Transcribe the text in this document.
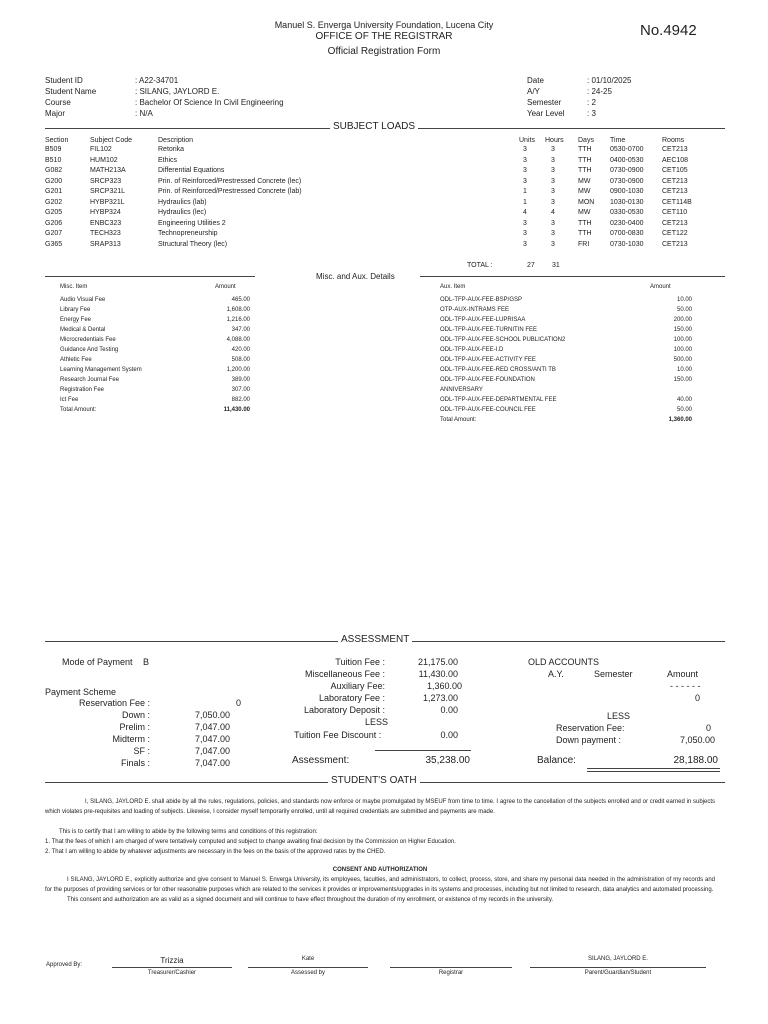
Manuel S. Enverga University Foundation, Lucena City
OFFICE OF THE REGISTRAR
Official Registration Form
No.4942
Student ID	: A22-34701
Student Name	: SILANG, JAYLORD E.
Course	: Bachelor Of Science In Civil Engineering
Major	: N/A
Date	: 01/10/2025
A/Y	: 24-25
Semester	: 2
Year Level	: 3
SUBJECT LOADS
Section	Subject Code	Description	Units Hours Days Time	Rooms
B509	FIL102	Retorika	3	3	TTH	0530-0700	CET213
B510	HUM102	Ethics	3	3	TTH	0400-0530	AEC108
G082	MATH213A	Differential Equations	3	3	TTH	0730-0900	CET105
G200	SRCP323	Prin. of Reinforced/Prestressed Concrete (lec)	3	3	MW	0730-0900	CET213
G201	SRCP321L	Prin. of Reinforced/Prestressed Concrete (lab)	1	3	MW	0900-1030	CET213
G202	HYBP321L	Hydraulics (lab)	1	3	MON 1030-0130	CET114B
G205	HYBP324	Hydraulics (lec)	4	4	MW	0330-0530	CET110
G206	ENBC323	Engineering Utilities 2	3	3	TTH	0230-0400	CET213
G207	TECH323	Technopreneurship	3	3	TTH	0700-0830	CET122
G365	SRAP313	Structural Theory (lec)	3	3	FRI	0730-1030	CET213
TOTAL :	27 31
Misc. and Aux. Details
Misc. Item	Amount
Audio Visual Fee	465.00
Library Fee	1,608.00
Energy Fee	1,216.00
Medical & Dental	347.00
Microcredentials Fee	4,088.00
Guidance And Testing	420.00
Athletic Fee	508.00
Learning Management System	1,200.00
Research Journal Fee	389.00
Registration Fee	307.00
Ict Fee	882.00
Total Amount:	11,430.00
Aux. Item	Amount
ODL-TFP-AUX-FEE-BSP/GSP	10.00
OTP-AUX-INTRAMS FEE	50.00
ODL-TFP-AUX-FEE-LUPRISAA	200.00
ODL-TFP-AUX-FEE-TURNITIN FEE	150.00
ODL-TFP-AUX-FEE-SCHOOL PUBLICATION2	100.00
ODL-TFP-AUX-FEE-I.D	100.00
ODL-TFP-AUX-FEE-ACTIVITY FEE	500.00
ODL-TFP-AUX-FEE-RED CROSS/ANTI TB	10.00
ODL-TFP-AUX-FEE-FOUNDATION	150.00
ANNIVERSARY
ODL-TFP-AUX-FEE-DEPARTMENTAL FEE	40.00
ODL-TFP-AUX-FEE-COUNCIL FEE	50.00
Total Amount:	1,360.00
ASSESSMENT
Mode of Payment B
Payment Scheme
Reservation Fee :	0
Down :	7,050.00
Prelim :	7,047.00
Midterm :	7,047.00
SF :	7,047.00
Finals :	7,047.00
Tuition Fee :	21,175.00
Miscellaneous Fee :	11,430.00
Auxiliary Fee:	1,360.00
Laboratory Fee :	1,273.00
Laboratory Deposit :	0.00
LESS
Tuition Fee Discount :	0.00
Assessment:	35,238.00
OLD ACCOUNTS
A.Y.	Semester	Amount
- - - - - -
0
LESS
Reservation Fee:	0
Down payment :	7,050.00
Balance:	28,188.00
STUDENT'S OATH

I, SILANG, JAYLORD E. shall abide by all the rules, regulations, policies, and standards now enforce or maybe promulgated by MSEUF from time to time. I agree to the cancellation of the subjects enrolled and or credit earned in subjects which violates pre-requisites and loading of subjects. Likewise, I consider myself temporarily enrolled, until all required credentials are submitted and payments are made.

This is to certify that I am willing to abide by the following terms and conditions of this registration:

1. That the fees of which I am charged of were tentatively computed and subject to change awaiting final decision by the Commission on Higher Education.

2. That I am willing to abide by whatever adjustments are necessary in the fees on the basis of the approved rates by the CHED.

CONSENT AND AUTHORIZATION

I SILANG, JAYLORD E., explicitly authorize and give consent to Manuel S. Enverga University, its employees, faculties, and administrators, to collect, process, store, and share my personal data needed in the administration of my records and for the purposes of providing services or for other reasonable purposes which are related to the services it provides or improvements/upgrades in its systems and processes, including but not limited to research, data analytics and automated processing.

This consent and authorization are as valid as a signed document and will continue to have effect throughout the duration of my enrollment, or existence of my records in the university.

Approved By:	Trizzia
Treasurer/Cashier
Kate
Assessed by	Registrar
SILANG, JAYLORD E.
Parent/Guardian/Student
